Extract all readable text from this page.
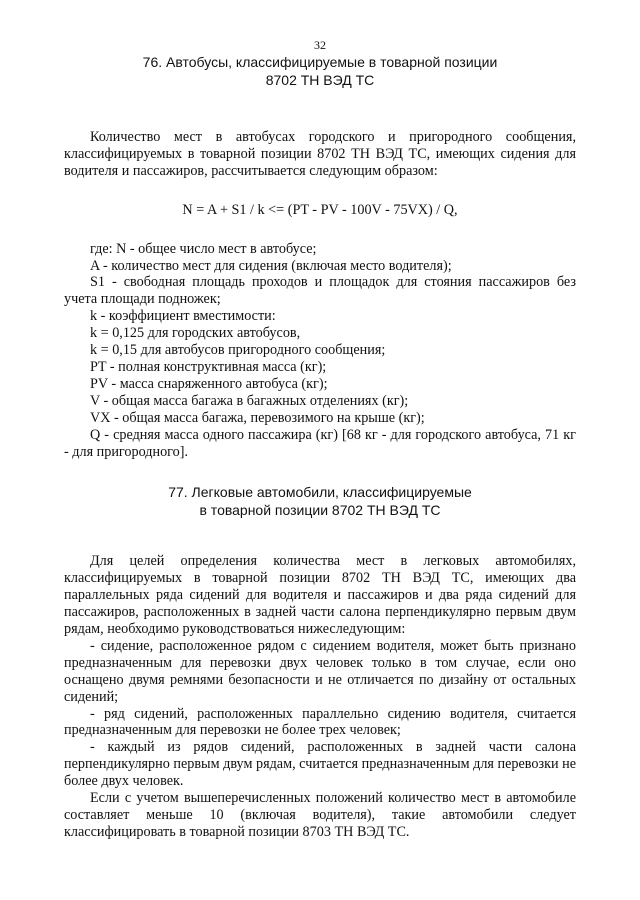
32
76. Автобусы, классифицируемые в товарной позиции
8702 ТН ВЭД ТС

Количество мест в автобусах городского и пригородного сообщения, классифицируемых в товарной позиции 8702 ТН ВЭД ТС, имеющих сидения для водителя и пассажиров, рассчитывается следующим образом:

N = A + S1 / k <= (PT - PV - 100V - 75VX) / Q,

где: N - общее число мест в автобусе;

A - количество мест для сидения (включая место водителя);

S1 - свободная площадь проходов и площадок для стояния пассажиров без учета площади подножек;

k - коэффициент вместимости:

k = 0,125 для городских автобусов,

k = 0,15 для автобусов пригородного сообщения;

PT - полная конструктивная масса (кг);

PV - масса снаряженного автобуса (кг);

V - общая масса багажа в багажных отделениях (кг);

VX - общая масса багажа, перевозимого на крыше (кг);

Q - средняя масса одного пассажира (кг) [68 кг - для городского автобуса, 71 кг - для пригородного].

77. Легковые автомобили, классифицируемые
в товарной позиции 8702 ТН ВЭД ТС

Для целей определения количества мест в легковых автомобилях, классифицируемых в товарной позиции 8702 ТН ВЭД ТС, имеющих два параллельных ряда сидений для водителя и пассажиров и два ряда сидений для пассажиров, расположенных в задней части салона перпендикулярно первым двум рядам, необходимо руководствоваться нижеследующим:

- сидение, расположенное рядом с сидением водителя, может быть признано предназначенным для перевозки двух человек только в том случае, если оно оснащено двумя ремнями безопасности и не отличается по дизайну от остальных сидений;

- ряд сидений, расположенных параллельно сидению водителя, считается предназначенным для перевозки не более трех человек;

- каждый из рядов сидений, расположенных в задней части салона перпендикулярно первым двум рядам, считается предназначенным для перевозки не более двух человек.

Если с учетом вышеперечисленных положений количество мест в автомобиле составляет меньше 10 (включая водителя), такие автомобили следует классифицировать в товарной позиции 8703 ТН ВЭД ТС.
